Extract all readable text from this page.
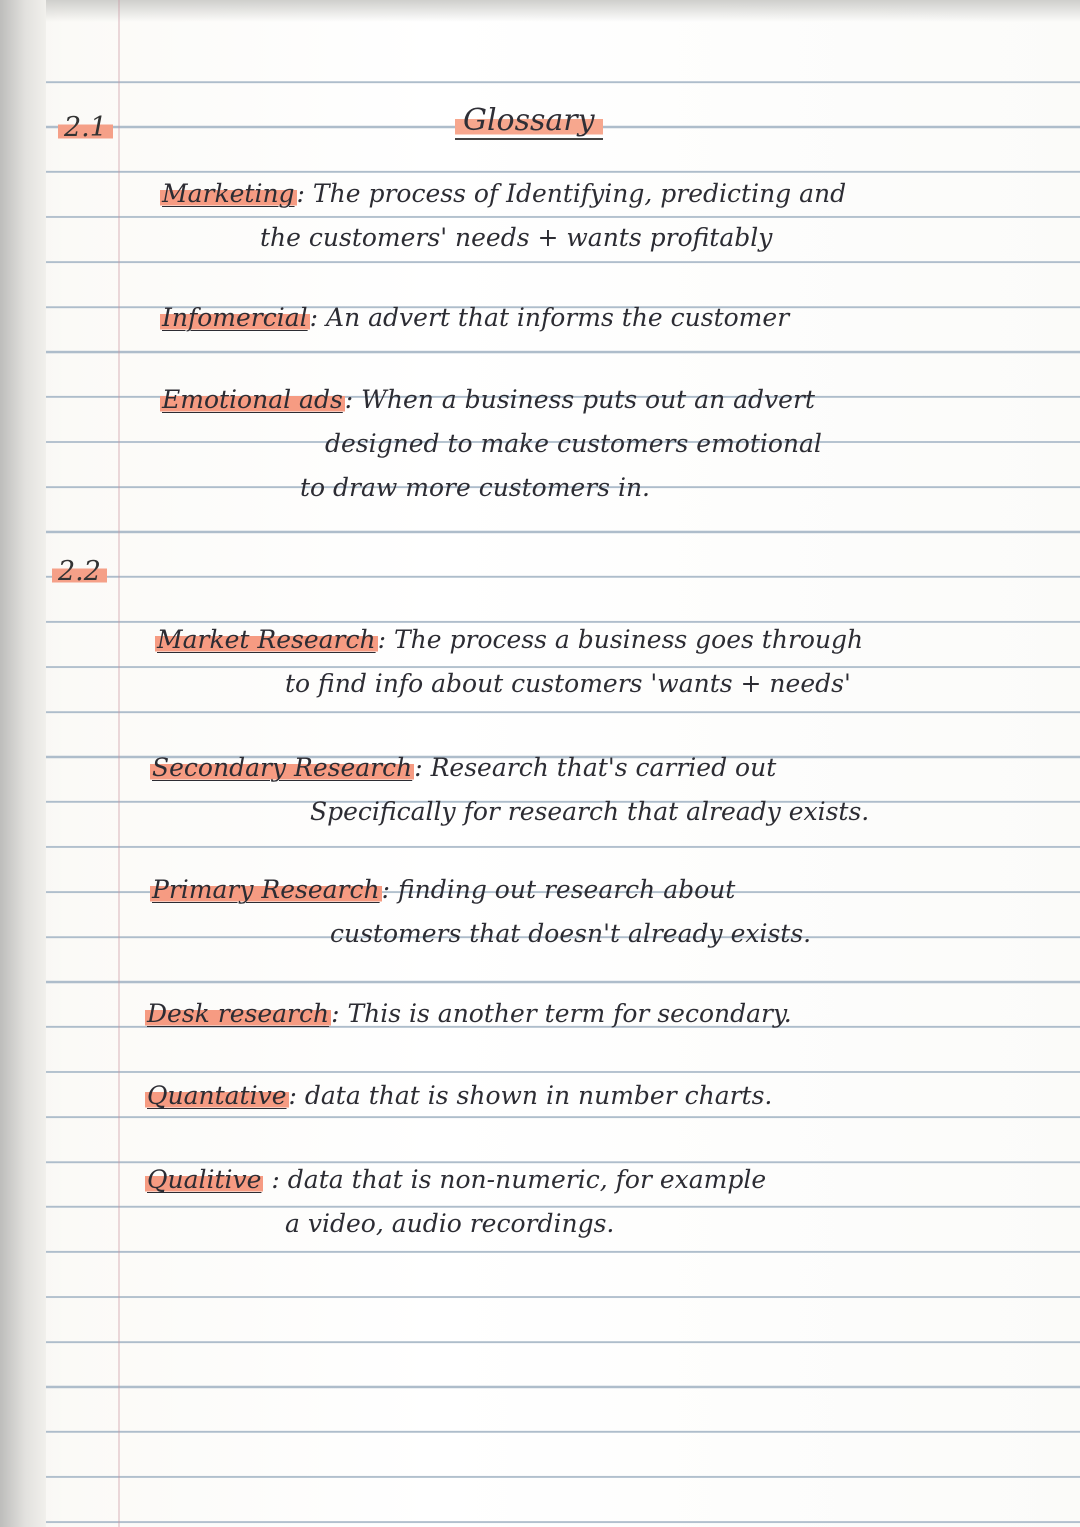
2.1	Glossary
Marketing: The process of Identifying, predicting and
the customers' needs + wants profitably
Infomercial: An advert that informs the customer
Emotional ads: When a business puts out an advert
designed to make customers emotional
to draw more customers in.
2.2
Market Research: The process a business goes through
to find info about customers 'wants + needs'
Secondary Research: Research that's carried out
Specifically for research that already exists.
Primary Research: finding out research about
customers that doesn't already exists.
Desk research: This is another term for secondary.
Quantative: data that is shown in number charts.
Qualitive : data that is non-numeric, for example
a video, audio recordings.
